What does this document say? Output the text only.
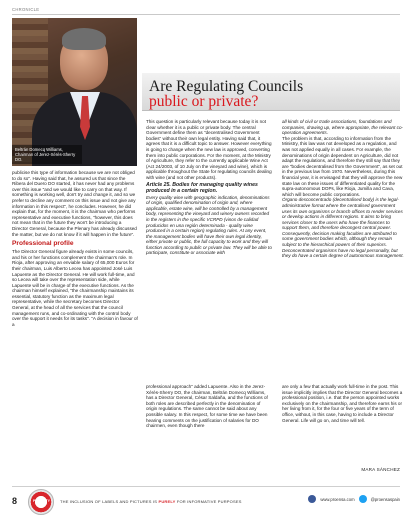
CHRONICLE
Beltrán Domecq Williams, Chairman of Jerez-Xérès-Sherry DO.
Are Regulating Councils
public or private?

publicise this type of information because we are not obliged to do so". Having said that, he assured us that since the Ribera del Duero DO started, it has never had any problems over this issue "and we would like to carry on that way. If something is working well, don't try and change it, and so we prefer to decline any comment on this issue and not give any information in this respect", he concludes. However, he did explain that, for the moment, it is the chairman who performs representative and executive functions, "however, this does not mean that in the future they won't be introducing a Director General, because the Plenary has already discussed the matter, but we do not know if it will happen in the future".

Professional profile

The Director General figure already exists in some councils, and his or her functions complement the chairman's role. In Rioja, after approving an enviable salary of 65,000 Euros for their chairman, Luis Alberto Lecea has appointed José Luis Lapuente as the Director General. He will work full-time, and so Lecea will take over the representation side, while Lapuente will be in charge of the executive functions. As the chairman himself explained, "the chairmanship maintains its essential, statutory function as the maximum legal representative, while the secretary becomes Director General, at the head of all the services that the council management runs, and co-ordinating with the control body over the support it needs for its tasks". "A decision in favour of a

This question is particularly relevant because today it is not clear whether it is a public or private body. The central Government define them as "decentralised Government bodies" without their own legal entity. Having said that, it agrees that it is a difficult topic to answer. However everything is going to change when the new law is approved, converting them into public corporations. For the moment, at the Ministry of Agriculture, they refer to the currently applicable Wine Act (Act 24/2003, of 10 July on the vineyard and wine), which is applicable throughout the State for regulating councils dealing with wine (and not other products).

Article 25. Bodies for managing quality wines produced in a certain region.

Every quality wine with geographic indication, denominations of origin, qualified denomination of origin and, where applicable, estate wine, will be controlled by a management body, representing the vineyard and winery owners recorded in the registers in the specific VCRPD (vinos de calidad producidos en una región determinada - quality wine produced in a certain region) regulating rules. At any event, the management bodies will have their own legal identity, either private or public, the full capacity to work and they will function according to public or private law. They will be able to participate, constitute or associate with

all kinds of civil or trade associations, foundations and companies, drawing up, where appropriate, the relevant co-operation agreements.

The problem is that, according to information from the Ministry, this law was not developed as a regulation, and was not applied equally in all cases. For example, the denominations of origin dependent on Agriculture, did not adapt the regulations, and therefore they still say that they are "bodies decentralised from the Government", as set out in the previous law from 1970. Nevertheless, during this financial year, it is envisaged that they will approve the new state law on these issues of differentiated quality for the supra-autonomous DOPs, like Rioja, Jumilla and Cava, which will become public corporations.

Órgano desconcentrado (decentralised body) is the legal-administrative format where the centralised government uses its own organisms or branch offices to render services or develop actions in different regions. It aims to bring services closer to the users who have the finances to support them, and therefore decongest central power. Consequently, decision making faculties are attributed to some government bodies which, although they remain subject to the hierarchical powers of their superiors. Deconcentrated organisms have no legal personality, but they do have a certain degree of autonomous management.

professional approach" added Lapuente. Also in the Jerez-Xérès-Sherry DO, the chairman, Beltrán Domecq Williams, has a Director General, César Saldaña, and the functions of both roles are described perfectly in the denomination of origin regulations. The same cannot be said about any possible salary. In this respect, for some time we have been hearing comments on the justification of salaries for DO chairmen, even though there

are only a few that actually work full-time in the post. This issue implicitly implies that the Director General becomes a professional position, i.e. that the person appointed works exclusively on the chairmanship, and therefore earns his or her living from it, for the four or five years of the term of office, without, in this case, having to include a Director General. Life will go on, and time will tell.

MARA SÁNCHEZ
8	PUBLICITY	THE INCLUSION OF LABELS AND PICTURES IS PURELY FOR INFORMATIVE PURPOSES	www.proensa.com	@proensaspain
